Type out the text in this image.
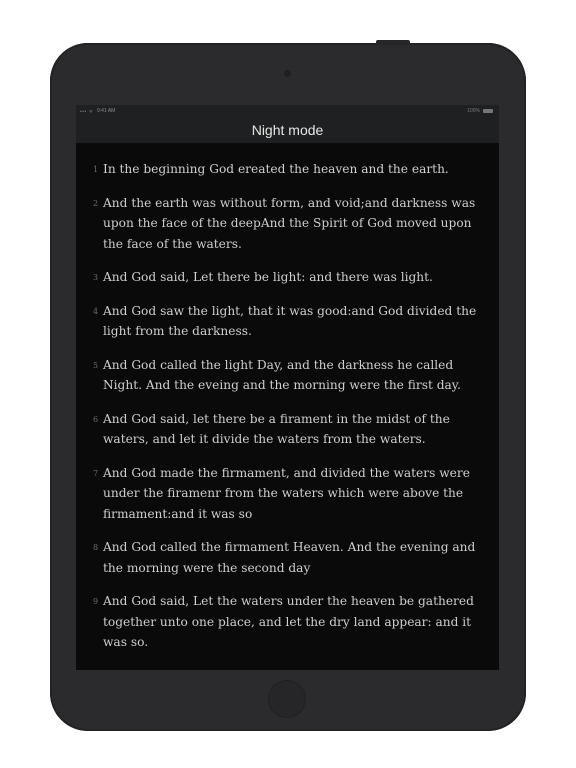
••• ᯤ 9:41 AM	100%
Night mode
1 In the beginning God ereated the heaven and the earth.
2 And the earth was without form, and void;and darkness was upon the face of the deepAnd the Spirit of God moved upon the face of the waters.
3 And God said, Let there be light: and there was light.
4 And God saw the light, that it was good:and God divided the light from the darkness.
5 And God called the light Day, and the darkness he called Night. And the eveing and the morning were the first day.
6 And God said, let there be a firament in the midst of the waters, and let it divide the waters from the waters.
7 And God made the firmament, and divided the waters were under the firamenr from the waters which were above the firmament:and it was so
8 And God called the firmament Heaven. And the evening and the morning were the second day
9 And God said, Let the waters under the heaven be gathered together unto one place, and let the dry land appear: and it was so.
